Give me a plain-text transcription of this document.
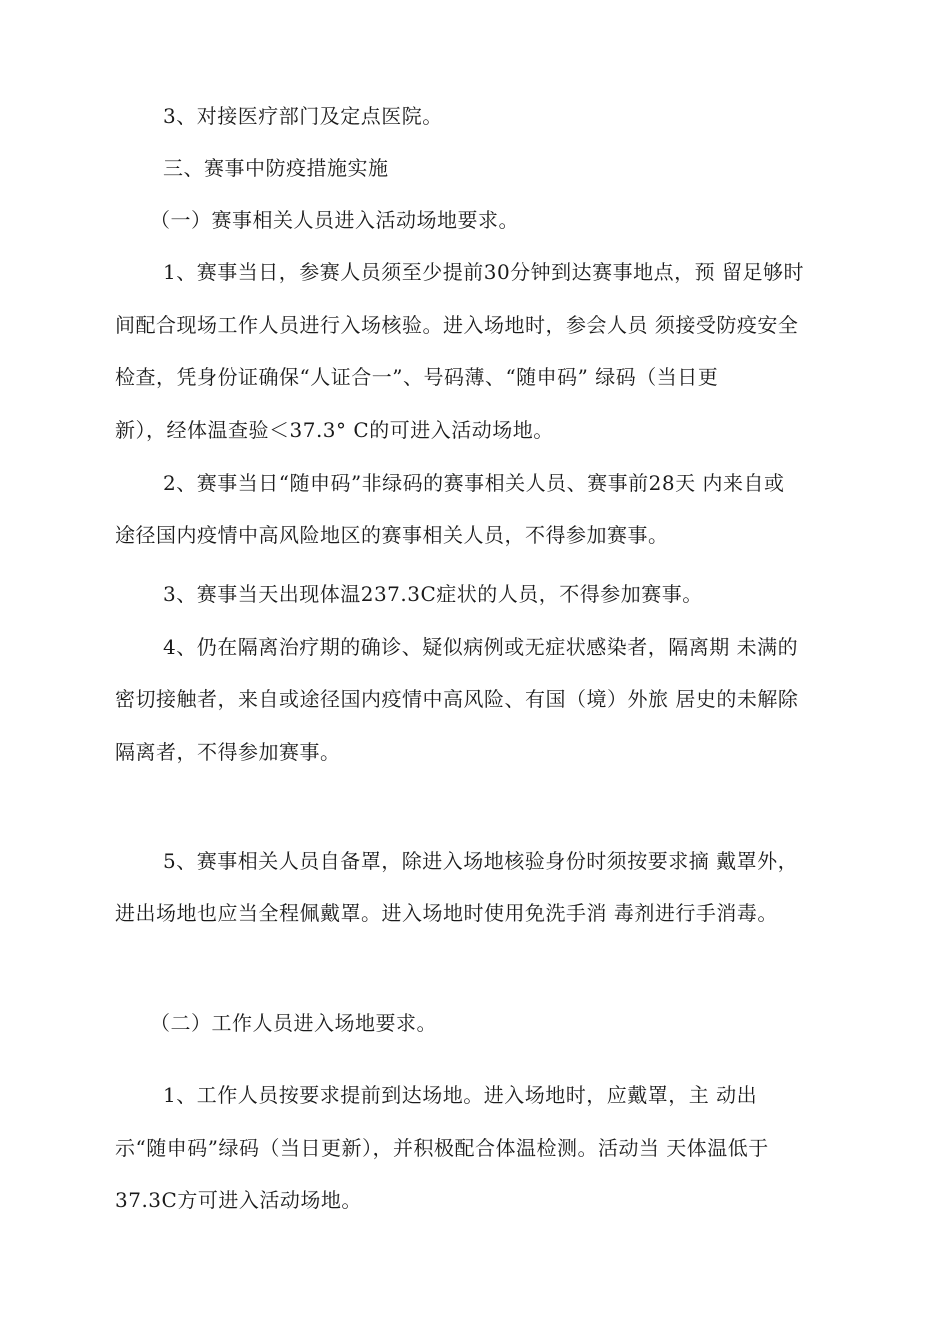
3、对接医疗部门及定点医院。
三、赛事中防疫措施实施
（一）赛事相关人员进入活动场地要求。
1、赛事当日，参赛人员须至少提前30分钟到达赛事地点，预 留足够时
间配合现场工作人员进行入场核验。进入场地时，参会人员 须接受防疫安全
检查，凭身份证确保“人证合一”、号码薄、“随申码” 绿码（当日更
新），经体温查验＜37.3° C的可进入活动场地。
2、赛事当日“随申码”非绿码的赛事相关人员、赛事前28天 内来自或
途径国内疫情中高风险地区的赛事相关人员，不得参加赛事。
3、赛事当天出现体温237.3C症状的人员，不得参加赛事。
4、仍在隔离治疗期的确诊、疑似病例或无症状感染者，隔离期 未满的
密切接触者，来自或途径国内疫情中高风险、有国（境）外旅 居史的未解除
隔离者，不得参加赛事。
5、赛事相关人员自备罩，除进入场地核验身份时须按要求摘 戴罩外，
进出场地也应当全程佩戴罩。进入场地时使用免洗手消 毒剂进行手消毒。
（二）工作人员进入场地要求。
1、工作人员按要求提前到达场地。进入场地时，应戴罩，主 动出
示“随申码”绿码（当日更新），并积极配合体温检测。活动当 天体温低于
37.3C方可进入活动场地。
